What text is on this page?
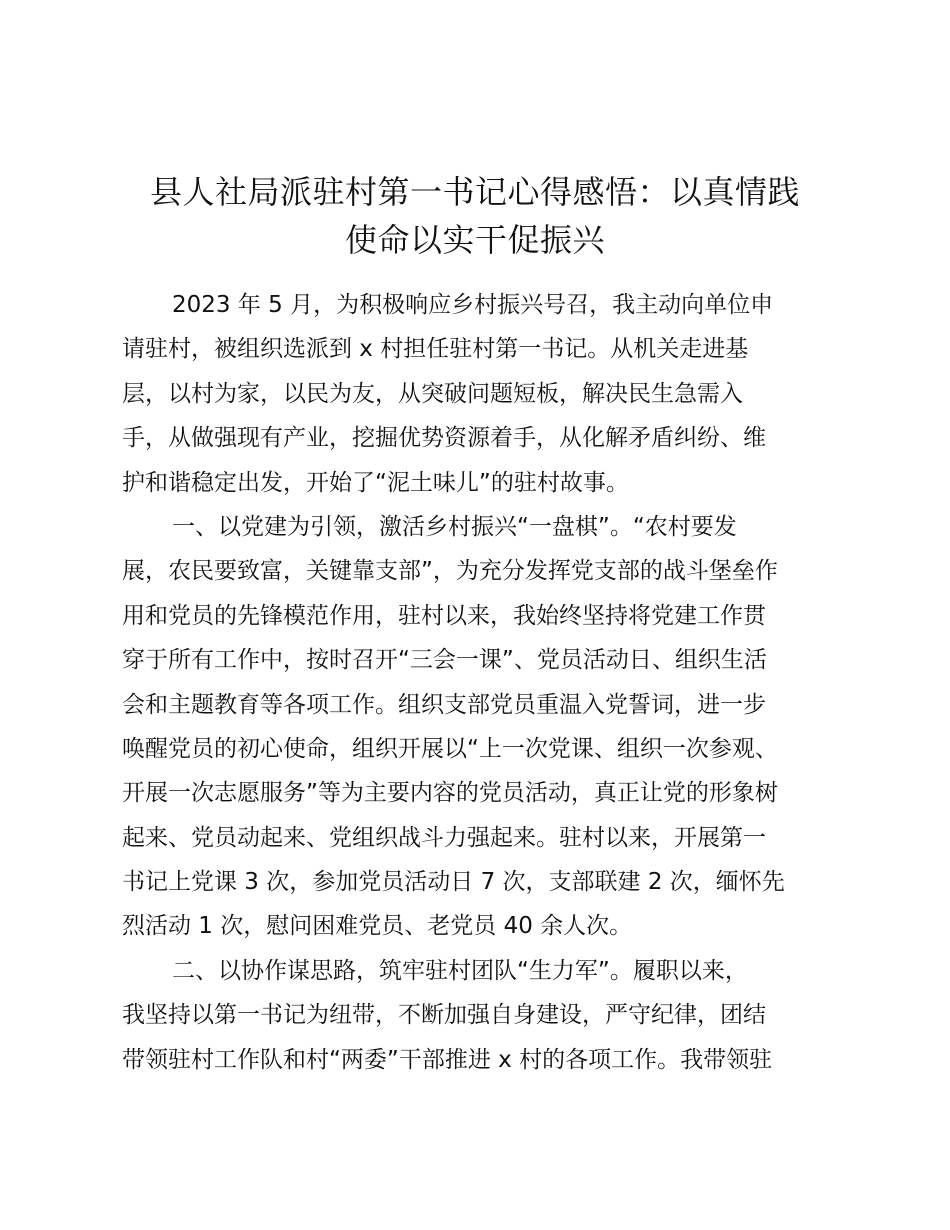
县人社局派驻村第一书记心得感悟：以真情践
使命以实干促振兴
2023 年 5 月，为积极响应乡村振兴号召，我主动向单位申
请驻村，被组织选派到 x 村担任驻村第一书记。从机关走进基
层，以村为家，以民为友，从突破问题短板，解决民生急需入
手，从做强现有产业，挖掘优势资源着手，从化解矛盾纠纷、维
护和谐稳定出发，开始了“泥土味儿”的驻村故事。
一、以党建为引领，激活乡村振兴“一盘棋”。“农村要发
展，农民要致富，关键靠支部”，为充分发挥党支部的战斗堡垒作
用和党员的先锋模范作用，驻村以来，我始终坚持将党建工作贯
穿于所有工作中，按时召开“三会一课”、党员活动日、组织生活
会和主题教育等各项工作。组织支部党员重温入党誓词，进一步
唤醒党员的初心使命，组织开展以“上一次党课、组织一次参观、
开展一次志愿服务”等为主要内容的党员活动，真正让党的形象树
起来、党员动起来、党组织战斗力强起来。驻村以来，开展第一
书记上党课 3 次，参加党员活动日 7 次，支部联建 2 次，缅怀先
烈活动 1 次，慰问困难党员、老党员 40 余人次。
二、以协作谋思路，筑牢驻村团队“生力军”。履职以来，
我坚持以第一书记为纽带，不断加强自身建设，严守纪律，团结
带领驻村工作队和村“两委”干部推进 x 村的各项工作。我带领驻
